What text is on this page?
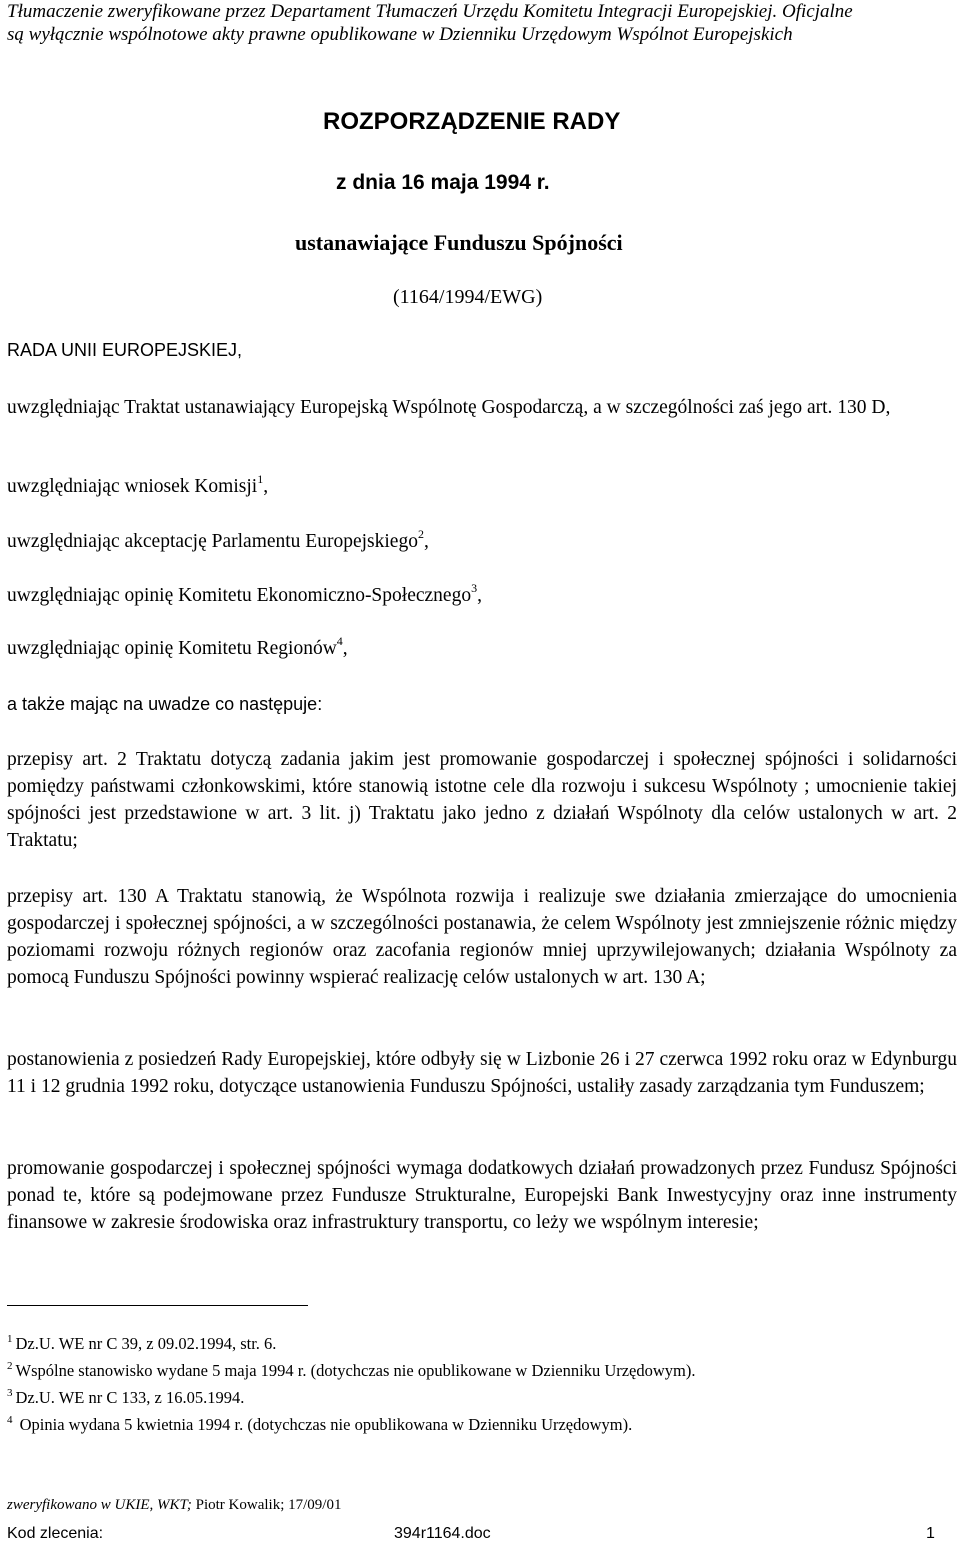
Tłumaczenie zweryfikowane przez Departament Tłumaczeń Urzędu Komitetu Integracji Europejskiej. Oficjalne
są wyłącznie wspólnotowe akty prawne opublikowane w Dzienniku Urzędowym Wspólnot Europejskich
ROZPORZĄDZENIE RADY
z dnia 16 maja 1994 r.
ustanawiające Funduszu Spójności
(1164/1994/EWG)
RADA UNII EUROPEJSKIEJ,
uwzględniając Traktat ustanawiający Europejską Wspólnotę Gospodarczą, a w szczególności zaś jego art. 130 D,
uwzględniając wniosek Komisji$^1$,
uwzględniając akceptację Parlamentu Europejskiego$^2$,
uwzględniając opinię Komitetu Ekonomiczno-Społecznego$^3$,
uwzględniając opinię Komitetu Regionów$^4$,
a także mając na uwadze co następuje:
przepisy art. 2 Traktatu dotyczą zadania jakim jest promowanie gospodarczej i społecznej spójności i solidarności pomiędzy państwami członkowskimi, które stanowią istotne cele dla rozwoju i sukcesu Wspólnoty ; umocnienie takiej spójności jest przedstawione w art. 3 lit. j) Traktatu jako jedno z działań Wspólnoty dla celów ustalonych w art. 2 Traktatu;
przepisy art. 130 A Traktatu stanowią, że Wspólnota rozwija i realizuje swe działania zmierzające do umocnienia gospodarczej i społecznej spójności, a w szczególności postanawia, że celem Wspólnoty jest zmniejszenie różnic między poziomami rozwoju różnych regionów oraz zacofania regionów mniej uprzywilejowanych; działania Wspólnoty za pomocą Funduszu Spójności powinny wspierać realizację celów ustalonych w art. 130 A;
postanowienia z posiedzeń Rady Europejskiej, które odbyły się w Lizbonie 26 i 27 czerwca 1992 roku oraz w Edynburgu 11 i 12 grudnia 1992 roku, dotyczące ustanowienia Funduszu Spójności, ustaliły zasady zarządzania tym Funduszem;
promowanie gospodarczej i społecznej spójności wymaga dodatkowych działań prowadzonych przez Fundusz Spójności ponad te, które są podejmowane przez Fundusze Strukturalne, Europejski Bank Inwestycyjny oraz inne instrumenty finansowe w zakresie środowiska oraz infrastruktury transportu, co leży we wspólnym interesie;
$^1$ Dz.U. WE nr C 39, z 09.02.1994, str. 6.
$^2$ Wspólne stanowisko wydane 5 maja 1994 r. (dotychczas nie opublikowane w Dzienniku Urzędowym).
$^3$ Dz.U. WE nr C 133, z 16.05.1994.
$^4$ Opinia wydana 5 kwietnia 1994 r. (dotychczas nie opublikowana w Dzienniku Urzędowym).
zweryfikowano w UKIE, WKT; Piotr Kowalik; 17/09/01
Kod zlecenia:	394r1164.doc	1
